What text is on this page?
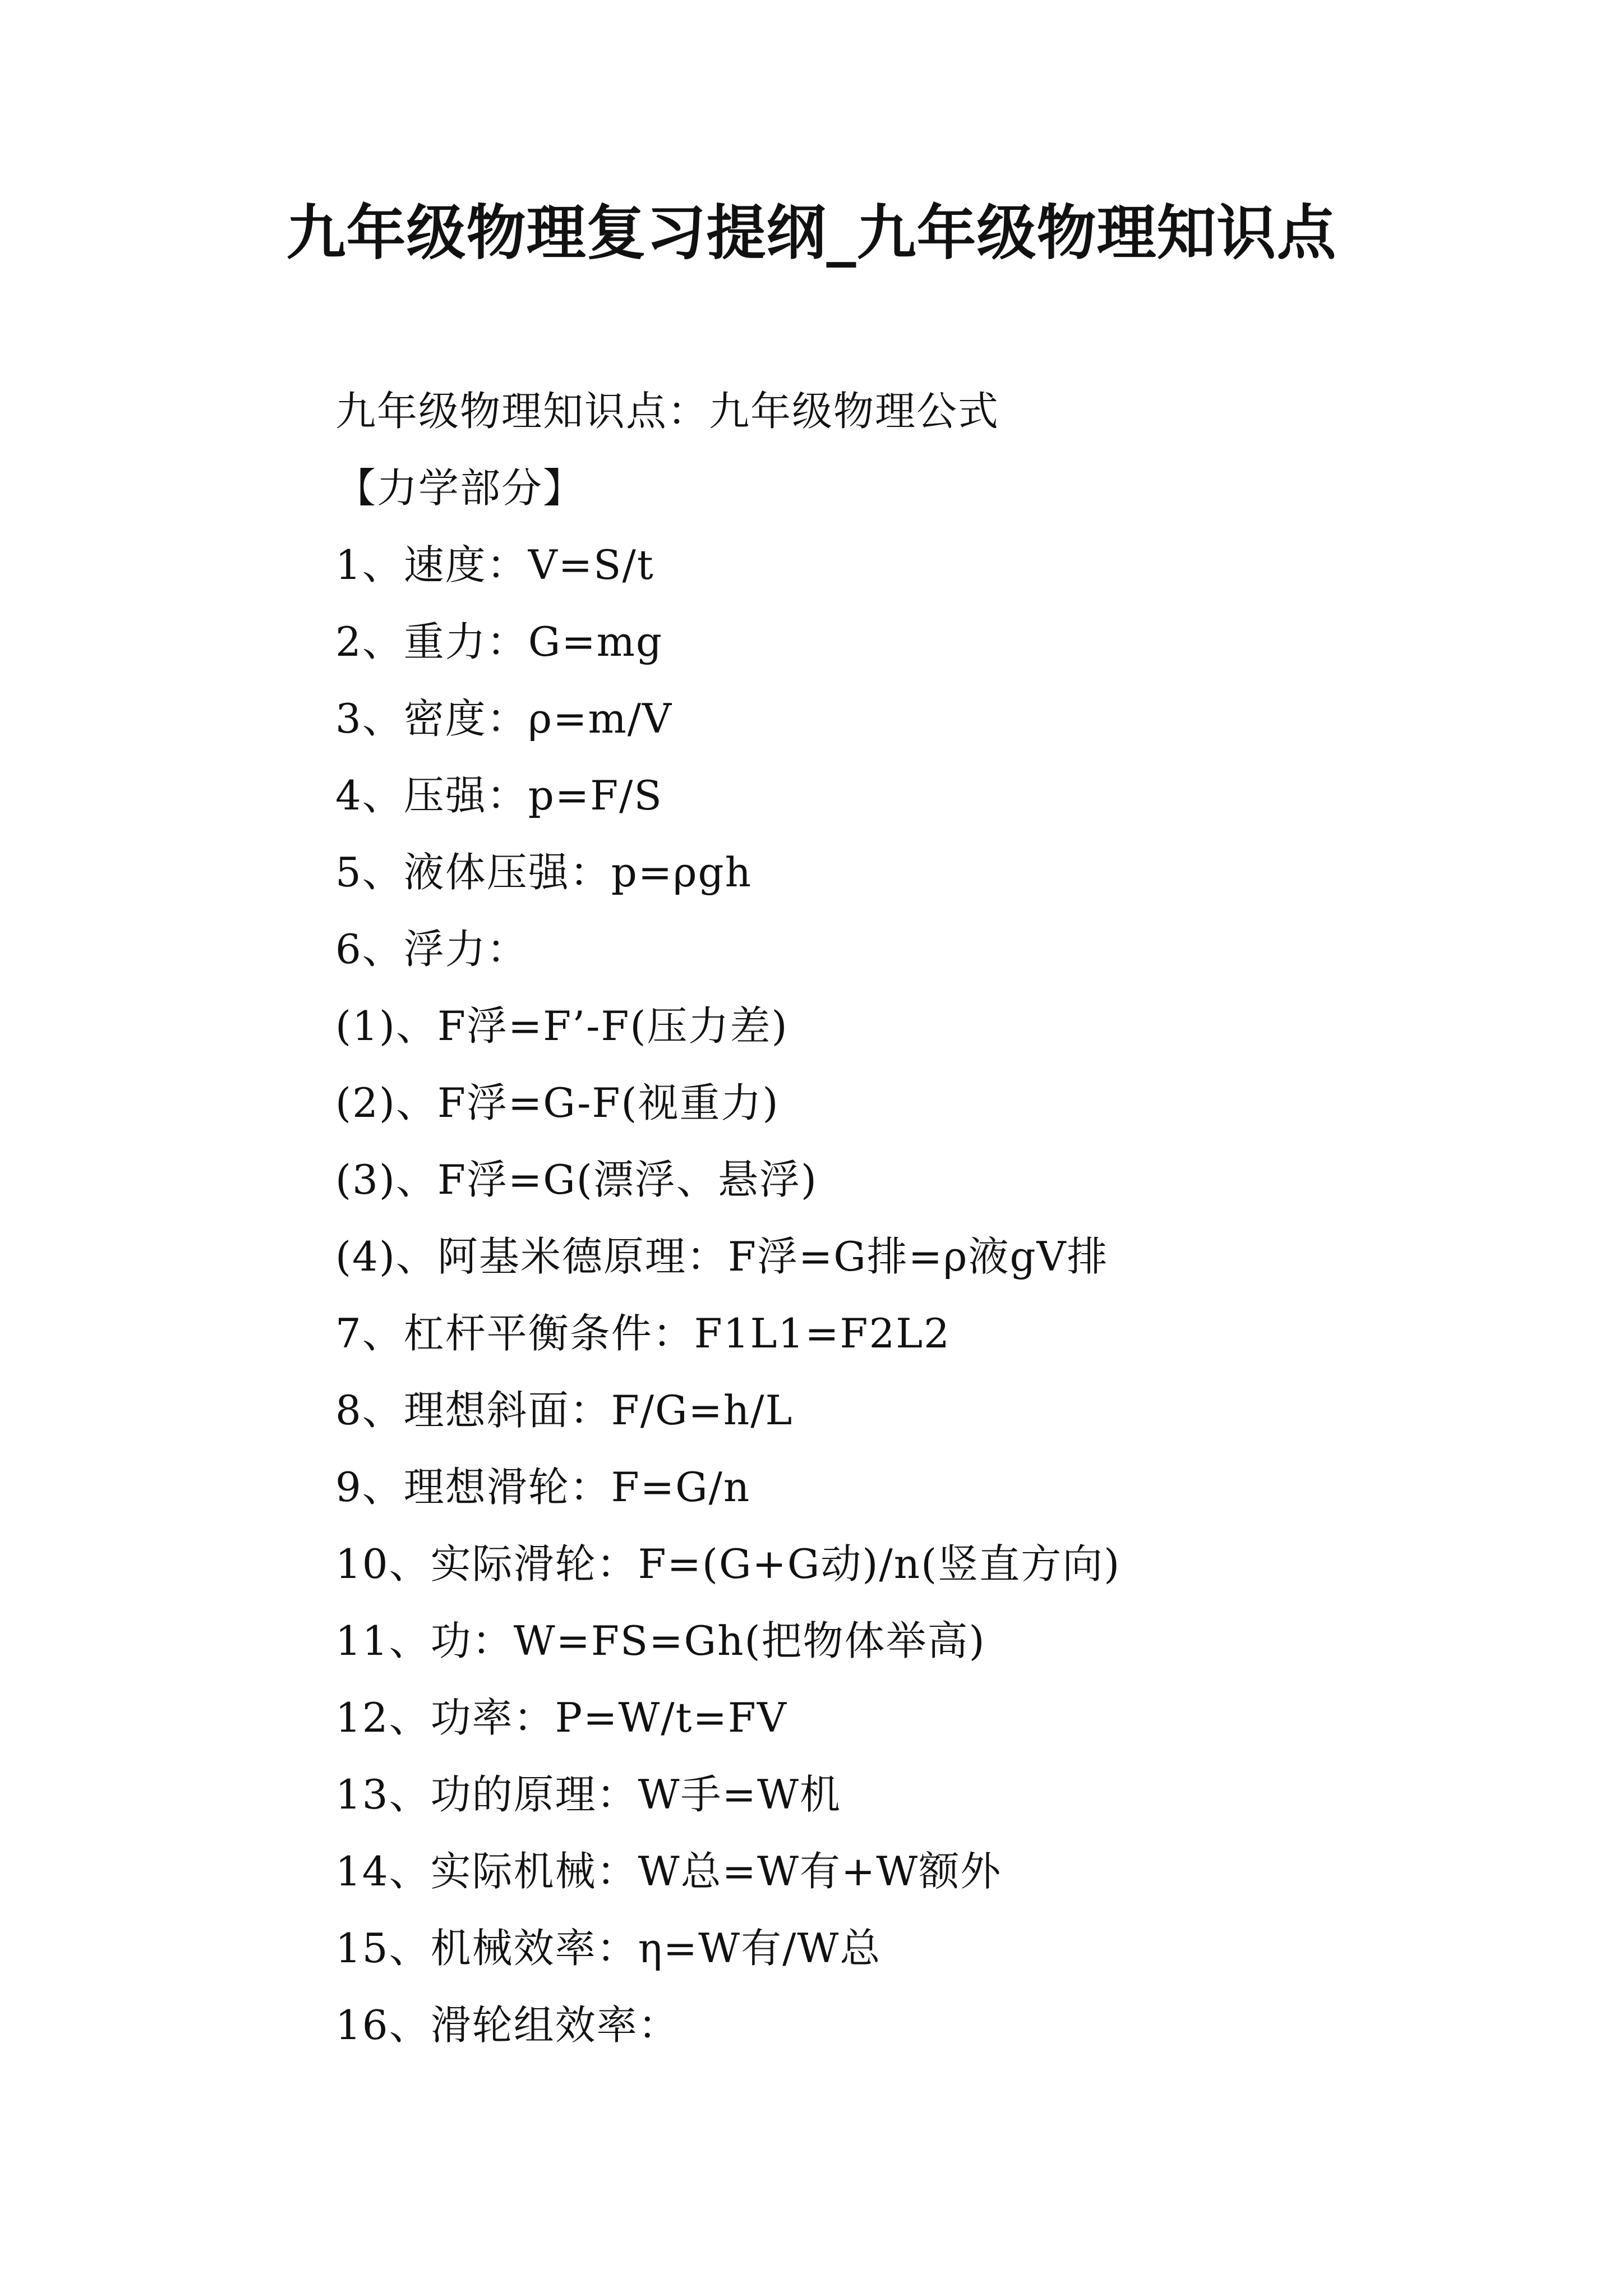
九年级物理复习提纲_九年级物理知识点
九年级物理知识点：九年级物理公式
【力学部分】
1、速度：V=S/t
2、重力：G=mg
3、密度：ρ=m/V
4、压强：p=F/S
5、液体压强：p=ρgh
6、浮力：
(1)、F浮=F’-F(压力差)
(2)、F浮=G-F(视重力)
(3)、F浮=G(漂浮、悬浮)
(4)、阿基米德原理：F浮=G排=ρ液gV排
7、杠杆平衡条件：F1L1=F2L2
8、理想斜面：F/G=h/L
9、理想滑轮：F=G/n
10、实际滑轮：F=(G+G动)/n(竖直方向)
11、功：W=FS=Gh(把物体举高)
12、功率：P=W/t=FV
13、功的原理：W手=W机
14、实际机械：W总=W有+W额外
15、机械效率：η=W有/W总
16、滑轮组效率：
